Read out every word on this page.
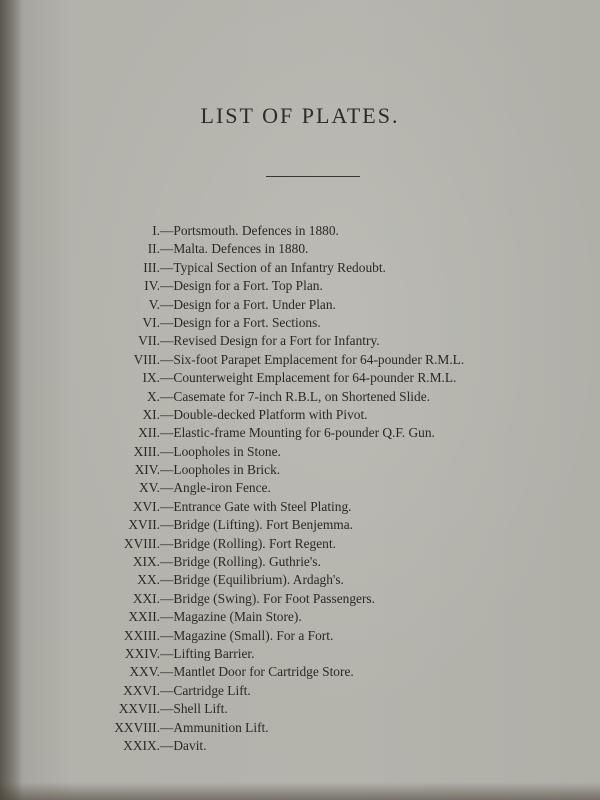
LIST OF PLATES.
I. —Portsmouth. Defences in 1880.
II. —Malta. Defences in 1880.
III. —Typical Section of an Infantry Redoubt.
IV. —Design for a Fort. Top Plan.
V. —Design for a Fort. Under Plan.
VI. —Design for a Fort. Sections.
VII. —Revised Design for a Fort for Infantry.
VIII. —Six-foot Parapet Emplacement for 64-pounder R.M.L.
IX. —Counterweight Emplacement for 64-pounder R.M.L.
X. —Casemate for 7-inch R.B.L, on Shortened Slide.
XI. —Double-decked Platform with Pivot.
XII. —Elastic-frame Mounting for 6-pounder Q.F. Gun.
XIII. —Loopholes in Stone.
XIV. —Loopholes in Brick.
XV. —Angle-iron Fence.
XVI. —Entrance Gate with Steel Plating.
XVII. —Bridge (Lifting). Fort Benjemma.
XVIII. —Bridge (Rolling). Fort Regent.
XIX. —Bridge (Rolling). Guthrie's.
XX. —Bridge (Equilibrium). Ardagh's.
XXI. —Bridge (Swing). For Foot Passengers.
XXII. —Magazine (Main Store).
XXIII. —Magazine (Small). For a Fort.
XXIV. —Lifting Barrier.
XXV. —Mantlet Door for Cartridge Store.
XXVI. —Cartridge Lift.
XXVII. —Shell Lift.
XXVIII. —Ammunition Lift.
XXIX. —Davit.
